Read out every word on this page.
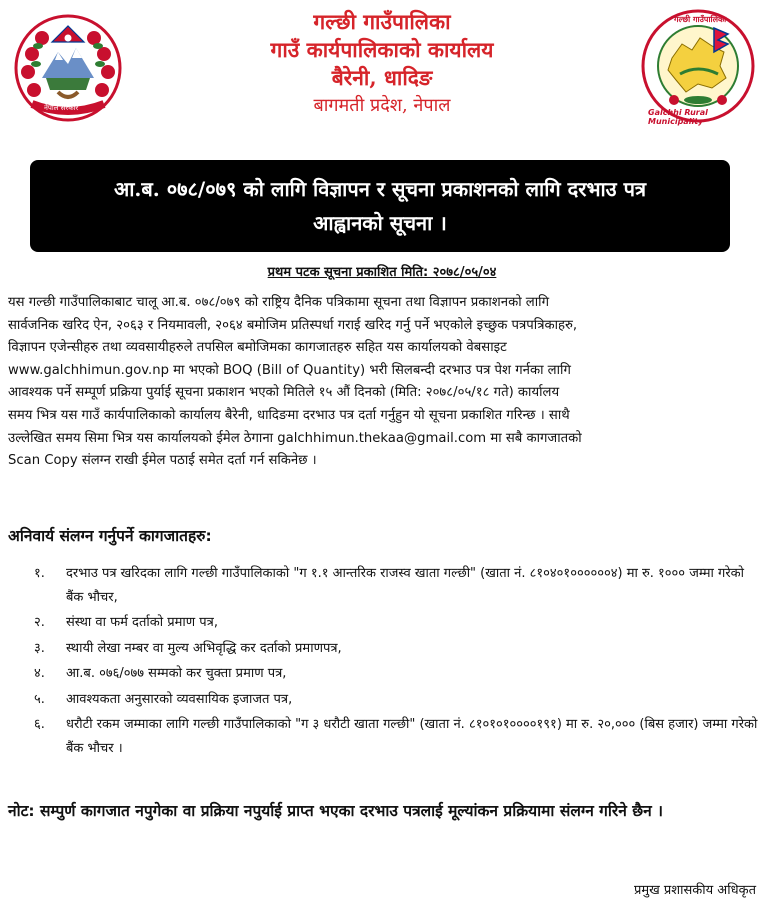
नेपाल सरकार
गल्छी गाउँपालिका
गाउँ कार्यपालिकाको कार्यालय
बैरेनी, धादिङ
बागमती प्रदेश, नेपाल
गल्छी गाउँपालिका
Galchhi Rural Municipality
आ.ब. ०७८/०७९ को लागि विज्ञापन र सूचना प्रकाशनको लागि दरभाउ पत्र
आह्वानको सूचना ।
प्रथम पटक सूचना प्रकाशित मिति: २०७८/०५/०४
यस गल्छी गाउँपालिकाबाट चालू आ.ब. ०७८/०७९ को राष्ट्रिय दैनिक पत्रिकामा सूचना तथा विज्ञापन प्रकाशनको लागि
सार्वजनिक खरिद ऐन, २०६३ र नियमावली, २०६४ बमोजिम प्रतिस्पर्धा गराई खरिद गर्नु पर्ने भएकोले इच्छुक पत्रपत्रिकाहरु,
विज्ञापन एजेन्सीहरु तथा व्यवसायीहरुले तपसिल बमोजिमका कागजातहरु सहित यस कार्यालयको वेबसाइट
www.galchhimun.gov.np मा भएको BOQ (Bill of Quantity) भरी सिलबन्दी दरभाउ पत्र पेश गर्नका लागि
आवश्यक पर्ने सम्पूर्ण प्रक्रिया पुर्याई सूचना प्रकाशन भएको मितिले १५ औं दिनको (मिति: २०७८/०५/१८ गते) कार्यालय
समय भित्र यस गाउँ कार्यपालिकाको कार्यालय बैरेनी, धादिङमा दरभाउ पत्र दर्ता गर्नुहुन यो सूचना प्रकाशित गरिन्छ । साथै
उल्लेखित समय सिमा भित्र यस कार्यालयको ईमेल ठेगाना galchhimun.thekaa@gmail.com मा सबै कागजातको
Scan Copy संलग्न राखी ईमेल पठाई समेत दर्ता गर्न सकिनेछ ।
अनिवार्य संलग्न गर्नुपर्ने कागजातहरु:
१. दरभाउ पत्र खरिदका लागि गल्छी गाउँपालिकाको "ग १.१ आन्तरिक राजस्व खाता गल्छी" (खाता नं. ८१०४०१००००००४) मा रु. १००० जम्मा गरेको बैंक भौचर,
२. संस्था वा फर्म दर्ताको प्रमाण पत्र,
३. स्थायी लेखा नम्बर वा मुल्य अभिवृद्धि कर दर्ताको प्रमाणपत्र,
४. आ.ब. ०७६/०७७ सम्मको कर चुक्ता प्रमाण पत्र,
५. आवश्यकता अनुसारको व्यवसायिक इजाजत पत्र,
६. धरौटी रकम जम्माका लागि गल्छी गाउँपालिकाको "ग ३ धरौटी खाता गल्छी" (खाता नं. ८१०१०१००००१९१) मा रु. २०,००० (बिस हजार) जम्मा गरेको बैंक भौचर ।
नोट: सम्पुर्ण कागजात नपुगेका वा प्रक्रिया नपुर्याई प्राप्त भएका दरभाउ पत्रलाई मूल्यांकन प्रक्रियामा संलग्न गरिने छैन ।
प्रमुख प्रशासकीय अधिकृत
